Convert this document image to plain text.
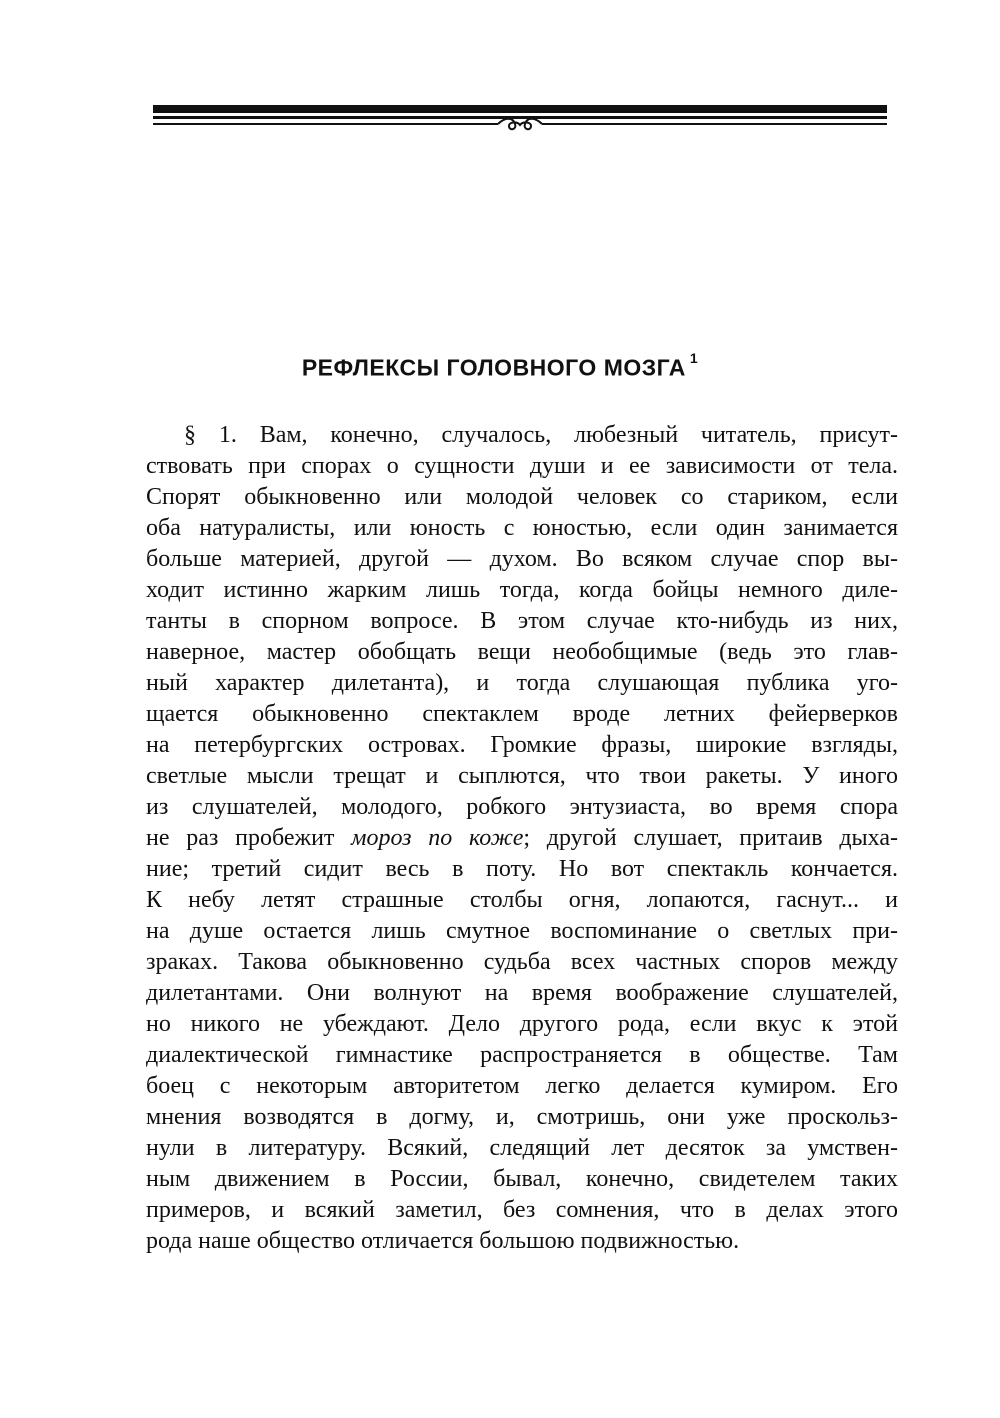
РЕФЛЕКСЫ ГОЛОВНОГО МОЗГА $^1$
§ 1. Вам, конечно, случалось, любезный читатель, присут-
ствовать при спорах о сущности души и ее зависимости от тела.
Спорят обыкновенно или молодой человек со стариком, если
оба натуралисты, или юность с юностью, если один занимается
больше материей, другой — духом. Во всяком случае спор вы-
ходит истинно жарким лишь тогда, когда бойцы немного диле-
танты в спорном вопросе. В этом случае кто-нибудь из них,
наверное, мастер обобщать вещи необобщимые (ведь это глав-
ный характер дилетанта), и тогда слушающая публика уго-
щается обыкновенно спектаклем вроде летних фейерверков
на петербургских островах. Громкие фразы, широкие взгляды,
светлые мысли трещат и сыплются, что твои ракеты. У иного
из слушателей, молодого, робкого энтузиаста, во время спора
не раз пробежит мороз по коже; другой слушает, притаив дыха-
ние; третий сидит весь в поту. Но вот спектакль кончается.
К небу летят страшные столбы огня, лопаются, гаснут... и
на душе остается лишь смутное воспоминание о светлых при-
зраках. Такова обыкновенно судьба всех частных споров между
дилетантами. Они волнуют на время воображение слушателей,
но никого не убеждают. Дело другого рода, если вкус к этой
диалектической гимнастике распространяется в обществе. Там
боец с некоторым авторитетом легко делается кумиром. Его
мнения возводятся в догму, и, смотришь, они уже проскольз-
нули в литературу. Всякий, следящий лет десяток за умствен-
ным движением в России, бывал, конечно, свидетелем таких
примеров, и всякий заметил, без сомнения, что в делах этого
рода наше общество отличается большою подвижностью.
